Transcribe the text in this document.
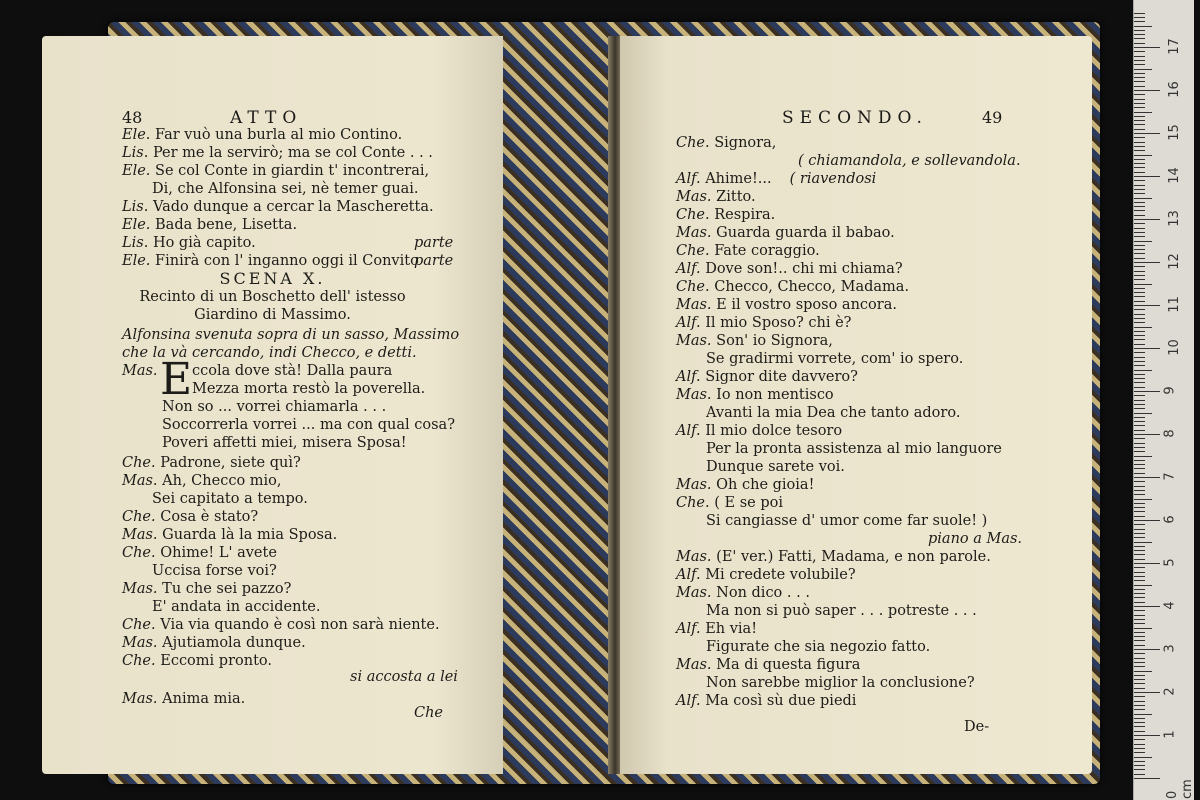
48	ATTO
Ele. Far vuò una burla al mio Contino.
Lis. Per me la servirò; ma se col Conte . . .
Ele. Se col Conte in giardin t' incontrerai,
Di, che Alfonsina sei, nè temer guai.
Lis. Vado dunque a cercar la Mascheretta.
Ele. Bada bene, Lisetta.
Lis. Ho già capito.	parte
Ele. Finirà con l' inganno oggi il Convito
parte
SCENA X.
Recinto di un Boschetto dell' istesso
Giardino di Massimo.
Alfonsina svenuta sopra di un sasso, Massimo
che la và cercando, indi Checco, e detti.
Mas. E ccola dove stà! Dalla paura
Mezza morta restò la poverella.
Non so ... vorrei chiamarla . . .
Soccorrerla vorrei ... ma con qual cosa?
Poveri affetti miei, misera Sposa!
Che. Padrone, siete quì?
Mas. Ah, Checco mio,
Sei capitato a tempo.
Che. Cosa è stato?
Mas. Guarda là la mia Sposa.
Che. Ohime! L' avete
Uccisa forse voi?
Mas. Tu che sei pazzo?
E' andata in accidente.
Che. Via via quando è così non sarà niente.
Mas. Ajutiamola dunque.
Che. Eccomi pronto.
si accosta a lei
Mas. Anima mia.
Che
SECONDO.	49
Che. Signora,
( chiamandola, e sollevandola.
Alf. Ahime!... ( riavendosi
Mas. Zitto.
Che. Respira.
Mas. Guarda guarda il babao.
Che. Fate coraggio.
Alf. Dove son!.. chi mi chiama?
Che. Checco, Checco, Madama.
Mas. E il vostro sposo ancora.
Alf. Il mio Sposo? chi è?
Mas. Son' io Signora,
Se gradirmi vorrete, com' io spero.
Alf. Signor dite davvero?
Mas. Io non mentisco
Avanti la mia Dea che tanto adoro.
Alf. Il mio dolce tesoro
Per la pronta assistenza al mio languore
Dunque sarete voi.
Mas. Oh che gioia!
Che. ( E se poi
Si cangiasse d' umor come far suole! )
piano a Mas.
Mas. (E' ver.) Fatti, Madama, e non parole.
Alf. Mi credete volubile?
Mas. Non dico . . .
Ma non si può saper . . . potreste . . .
Alf. Eh via!
Figurate che sia negozio fatto.
Mas. Ma di questa figura
Non sarebbe miglior la conclusione?
Alf. Ma così sù due piedi
De-
0 cm
1
2
3
4
5
6
7
8
9
10
11
12
13
14
15
16
17
